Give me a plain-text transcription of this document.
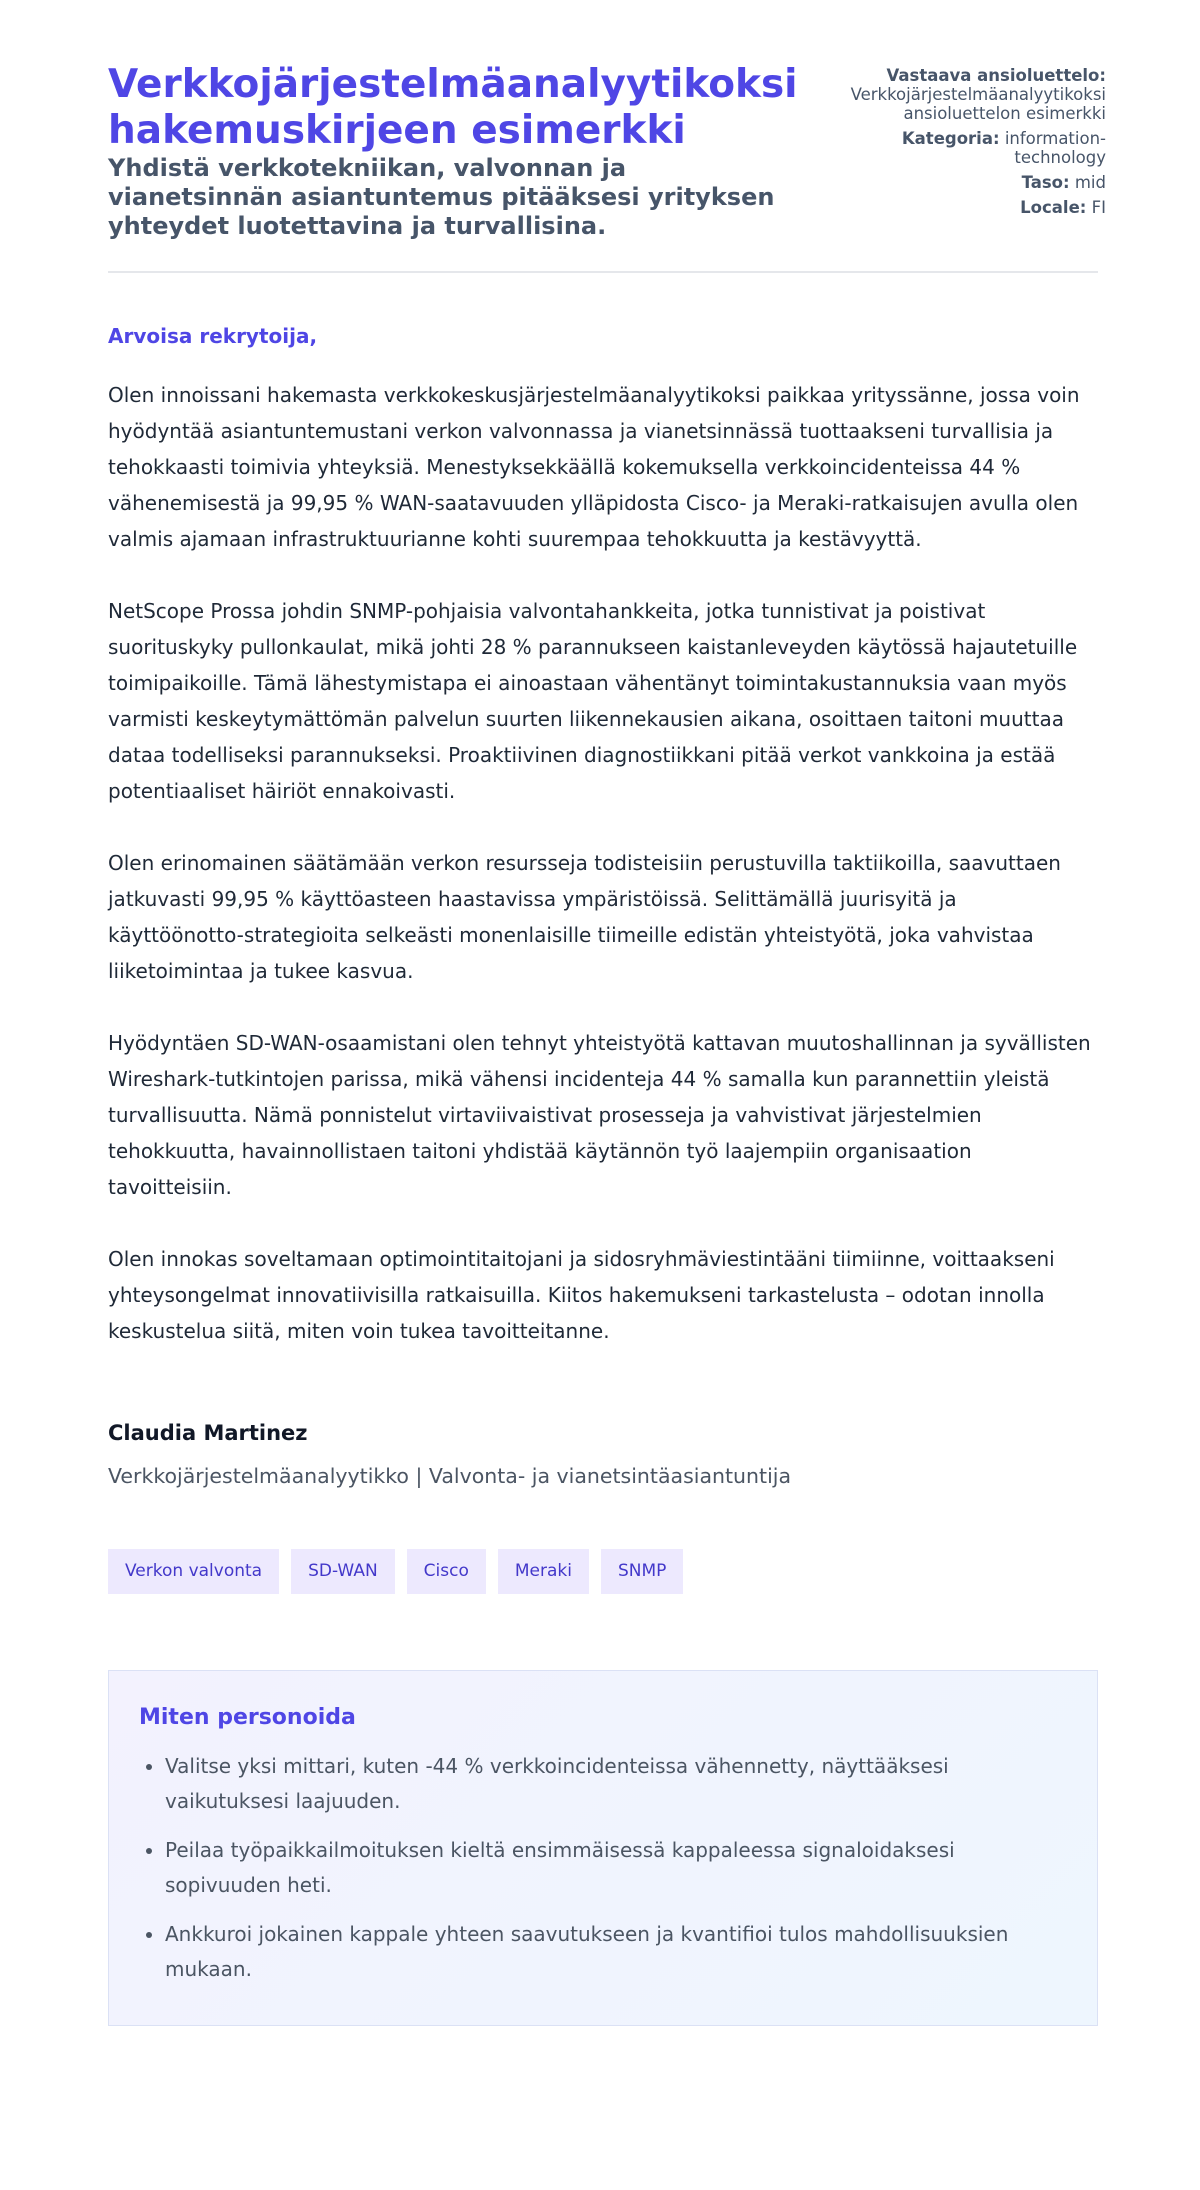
Verkkojärjestelmäanalyytikoksi hakemuskirjeen esimerkki

Yhdistä verkkotekniikan, valvonnan ja vianetsinnän asiantuntemus pitääksesi yrityksen yhteydet luotettavina ja turvallisina.

Vastaava ansioluettelo:
Verkkojärjestelmäanalyytikoksi ansioluettelon esimerkki
Kategoria: information-technology
Taso: mid
Locale: FI
Arvoisa rekrytoija,

Olen innoissani hakemasta verkkokeskusjärjestelmäanalyytikoksi paikkaa yrityssänne, jossa voin hyödyntää asiantuntemustani verkon valvonnassa ja vianetsinnässä tuottaakseni turvallisia ja tehokkaasti toimivia yhteyksiä. Menestyksekkäällä kokemuksella verkkoincidenteissa 44 % vähenemisestä ja 99,95 % WAN-saatavuuden ylläpidosta Cisco- ja Meraki-ratkaisujen avulla olen valmis ajamaan infrastruktuurianne kohti suurempaa tehokkuutta ja kestävyyttä.

NetScope Prossa johdin SNMP-pohjaisia valvontahankkeita, jotka tunnistivat ja poistivat suorituskyky pullonkaulat, mikä johti 28 % parannukseen kaistanleveyden käytössä hajautetuille toimipaikoille. Tämä lähestymistapa ei ainoastaan vähentänyt toimintakustannuksia vaan myös varmisti keskeytymättömän palvelun suurten liikennekausien aikana, osoittaen taitoni muuttaa dataa todelliseksi parannukseksi. Proaktiivinen diagnostiikkani pitää verkot vankkoina ja estää potentiaaliset häiriöt ennakoivasti.

Olen erinomainen säätämään verkon resursseja todisteisiin perustuvilla taktiikoilla, saavuttaen jatkuvasti 99,95 % käyttöasteen haastavissa ympäristöissä. Selittämällä juurisyitä ja käyttöönotto-strategioita selkeästi monenlaisille tiimeille edistän yhteistyötä, joka vahvistaa liiketoimintaa ja tukee kasvua.

Hyödyntäen SD-WAN-osaamistani olen tehnyt yhteistyötä kattavan muutoshallinnan ja syvällisten Wireshark-tutkintojen parissa, mikä vähensi incidenteja 44 % samalla kun parannettiin yleistä turvallisuutta. Nämä ponnistelut virtaviivaistivat prosesseja ja vahvistivat järjestelmien tehokkuutta, havainnollistaen taitoni yhdistää käytännön työ laajempiin organisaation tavoitteisiin.

Olen innokas soveltamaan optimointitaitojani ja sidosryhmäviestintääni tiimiinne, voittaakseni yhteysongelmat innovatiivisilla ratkaisuilla. Kiitos hakemukseni tarkastelusta – odotan innolla keskustelua siitä, miten voin tukea tavoitteitanne.

Claudia Martinez
Verkkojärjestelmäanalyytikko | Valvonta- ja vianetsintäasiantuntija
Verkon valvonta	SD-WAN	Cisco	Meraki	SNMP
Miten personoida
• Valitse yksi mittari, kuten -44 % verkkoincidenteissa vähennetty, näyttääksesi vaikutuksesi laajuuden.
• Peilaa työpaikkailmoituksen kieltä ensimmäisessä kappaleessa signaloidaksesi sopivuuden heti.
• Ankkuroi jokainen kappale yhteen saavutukseen ja kvantifioi tulos mahdollisuuksien mukaan.
